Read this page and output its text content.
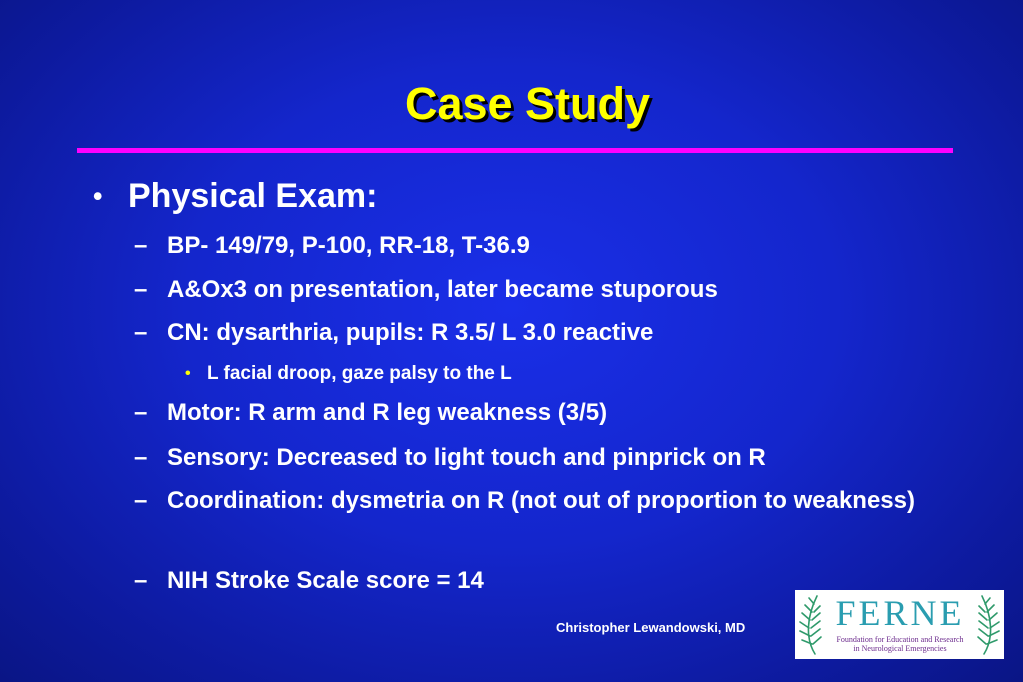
Case Study
• Physical Exam:
– BP- 149/79, P-100, RR-18, T-36.9
– A&Ox3 on presentation, later became stuporous
– CN: dysarthria, pupils: R 3.5/ L 3.0 reactive
• L facial droop, gaze palsy to the L
– Motor: R arm and R leg weakness (3/5)
– Sensory: Decreased to light touch and pinprick on R
– Coordination: dysmetria on R (not out of proportion to weakness)
– NIH Stroke Scale score = 14
Christopher Lewandowski, MD	FERNE
Foundation for Education and Research
in Neurological Emergencies
